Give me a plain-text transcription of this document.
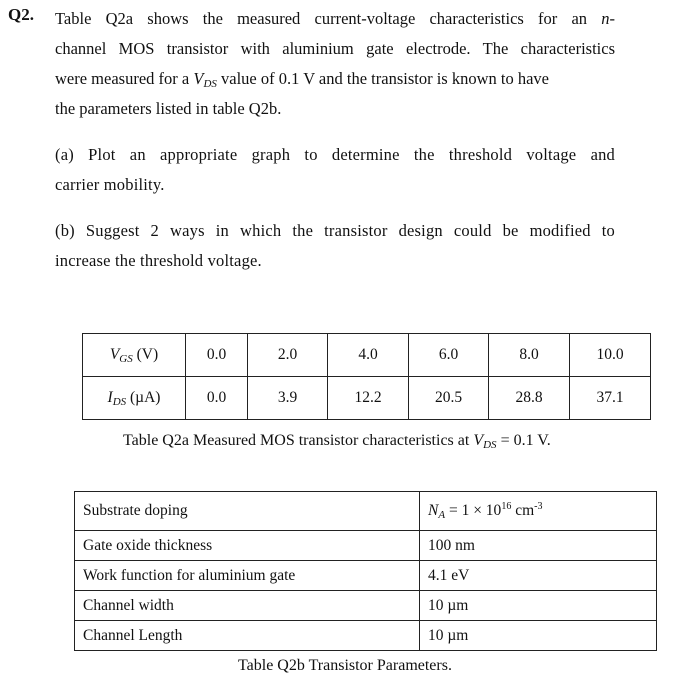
Q2. Table Q2a shows the measured current-voltage characteristics for an n-
channel MOS transistor with aluminium gate electrode. The characteristics
were measured for a $V_{DS}$ value of 0.1 V and the transistor is known to have
the parameters listed in table Q2b.
(a) Plot an appropriate graph to determine the threshold voltage and
carrier mobility.
(b) Suggest 2 ways in which the transistor design could be modified to
increase the threshold voltage.
$V_{GS}$ (V)	0.0	2.0	4.0	6.0	8.0	10.0
$I_{DS}$ (µA)	0.0	3.9	12.2	20.5	28.8	37.1
Table Q2a Measured MOS transistor characteristics at $V_{DS} = 0.1$ V.
Substrate doping	$N_A = 1 \times 10^{16}$ $cm^{-3}$
Gate oxide thickness	100 nm
Work function for aluminium gate	4.1 eV
Channel width	10 µm
Channel Length	10 µm
Table Q2b Transistor Parameters.
